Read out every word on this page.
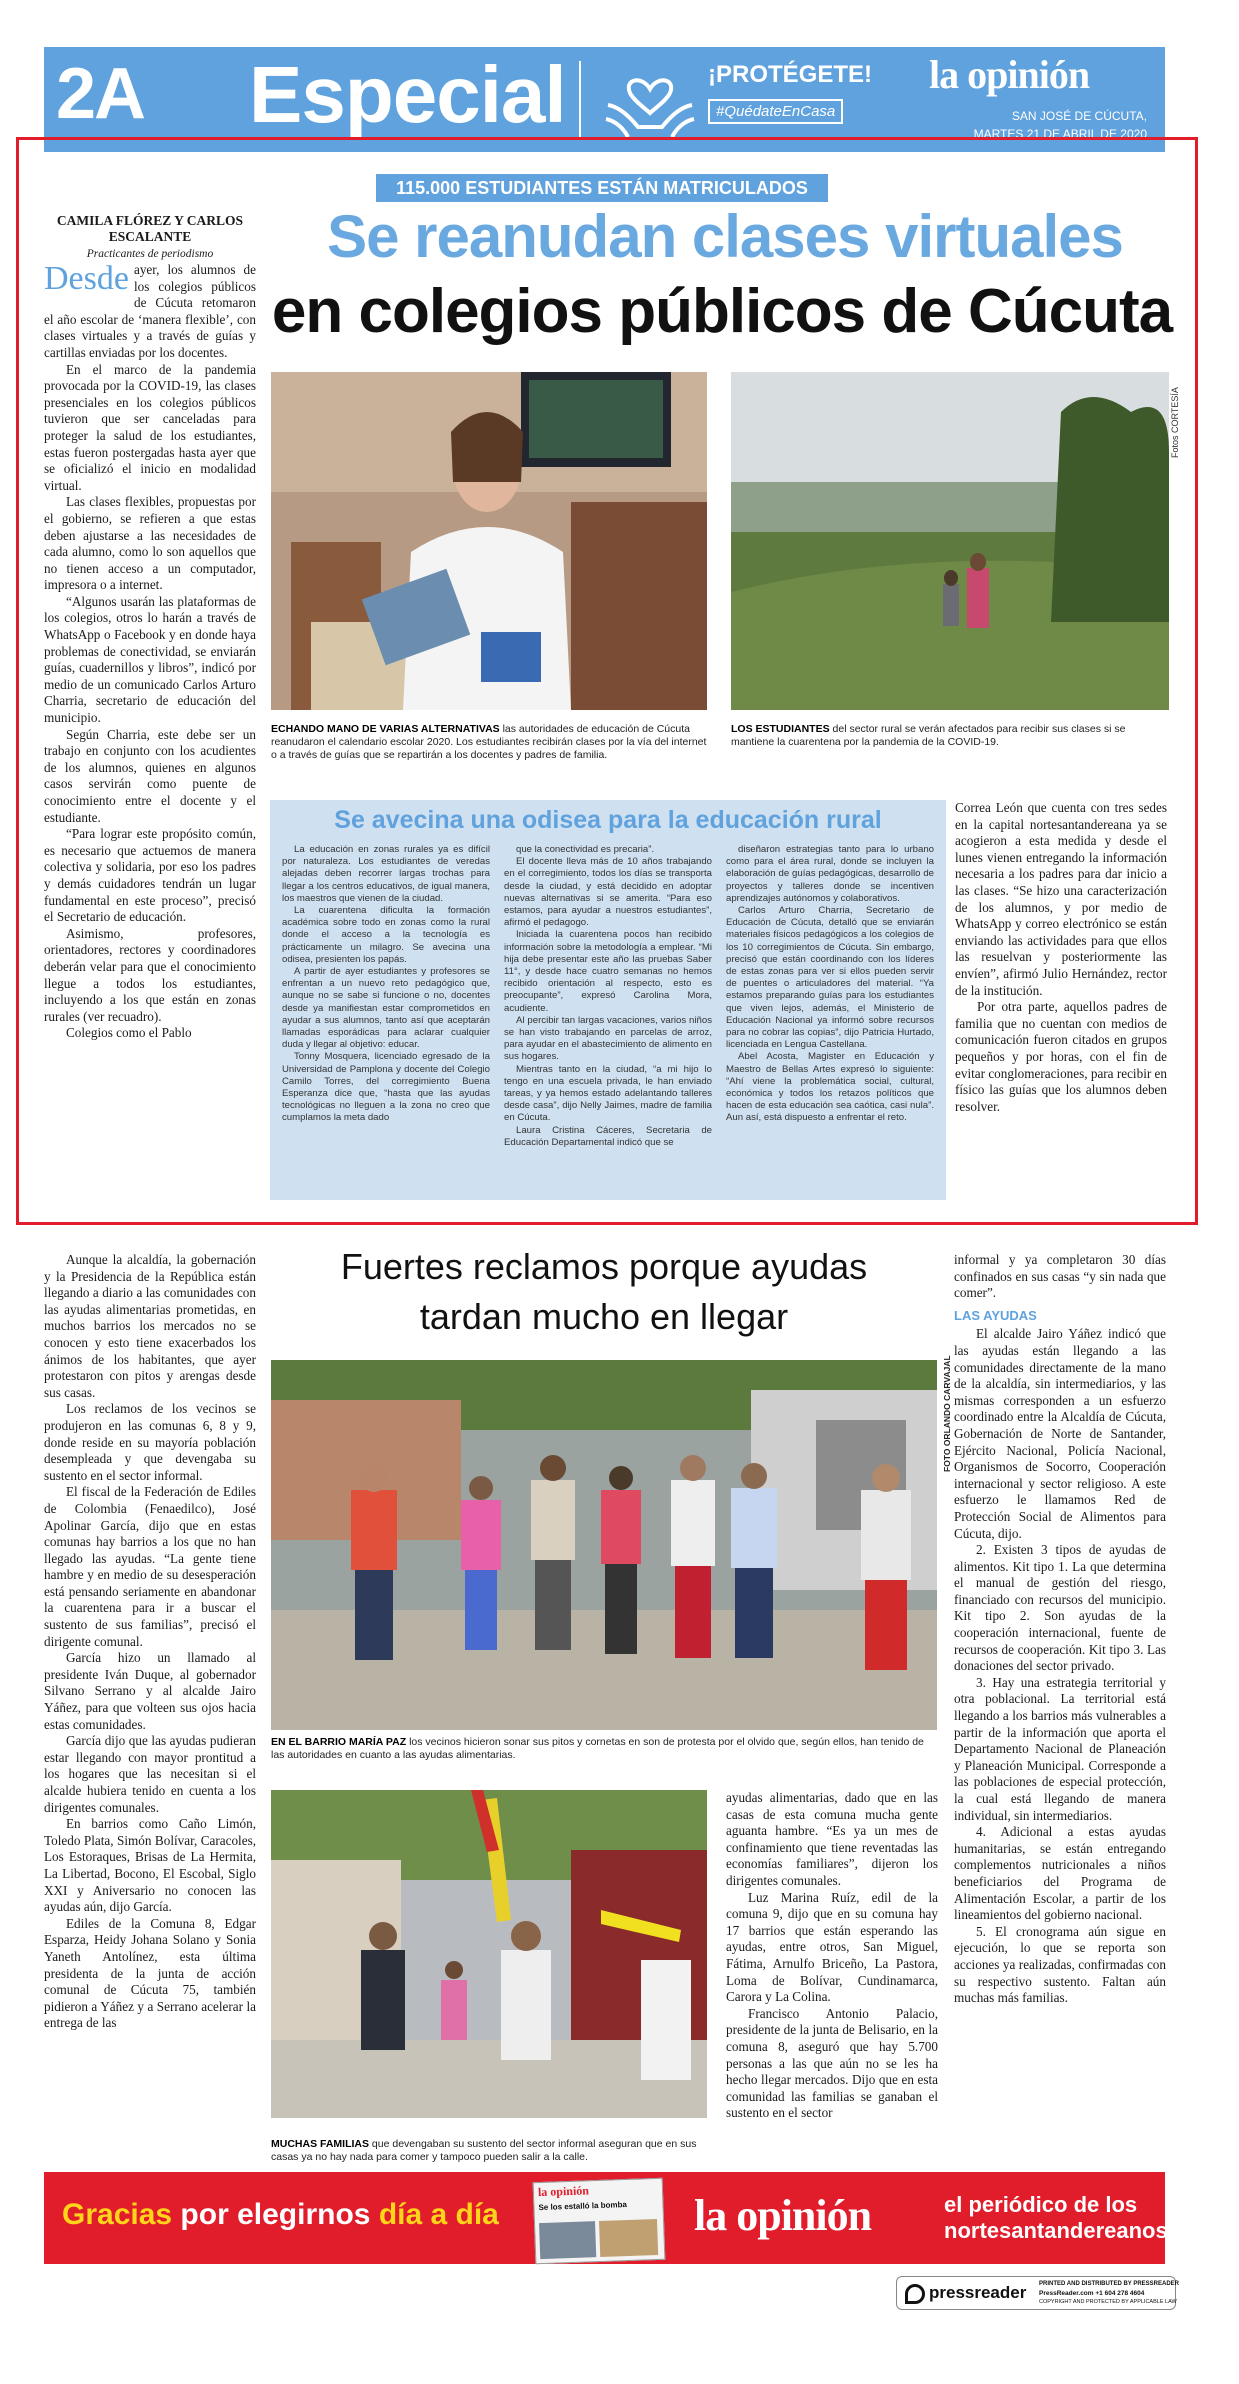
2A Especial	¡PROTÉGETE!
#QuédateEnCasa
la opinión
SAN JOSÉ DE CÚCUTA,
MARTES 21 DE ABRIL DE 2020
115.000 ESTUDIANTES ESTÁN MATRICULADOS
Se reanudan clases virtuales
en colegios públicos de Cúcuta
CAMILA FLÓREZ Y CARLOS ESCALANTE
Practicantes de periodismo

Desde ayer, los alumnos de los colegios públicos de Cúcuta retomaron el año escolar de ‘manera flexible’, con clases virtuales y a través de guías y cartillas enviadas por los docentes.

En el marco de la pandemia provocada por la COVID-19, las clases presenciales en los colegios públicos tuvieron que ser canceladas para proteger la salud de los estudiantes, estas fueron postergadas hasta ayer que se oficializó el inicio en modalidad virtual.

Las clases flexibles, propuestas por el gobierno, se refieren a que estas deben ajustarse a las necesidades de cada alumno, como lo son aquellos que no tienen acceso a un computador, impresora o a internet.

“Algunos usarán las plataformas de los colegios, otros lo harán a través de WhatsApp o Facebook y en donde haya problemas de conectividad, se enviarán guías, cuadernillos y libros”, indicó por medio de un comunicado Carlos Arturo Charria, secretario de educación del municipio.

Según Charria, este debe ser un trabajo en conjunto con los acudientes de los alumnos, quienes en algunos casos servirán como puente de conocimiento entre el docente y el estudiante.

“Para lograr este propósito común, es necesario que actuemos de manera colectiva y solidaria, por eso los padres y demás cuidadores tendrán un lugar fundamental en este proceso”, precisó el Secretario de educación.

Asimismo, profesores, orientadores, rectores y coordinadores deberán velar para que el conocimiento llegue a todos los estudiantes, incluyendo a los que están en zonas rurales (ver recuadro).

Colegios como el Pablo

Fotos CORTESÍA
ECHANDO MANO DE VARIAS ALTERNATIVAS las autoridades de educación de Cúcuta reanudaron el calendario escolar 2020. Los estudiantes recibirán clases por la vía del internet o a través de guías que se repartirán a los docentes y padres de familia.
LOS ESTUDIANTES del sector rural se verán afectados para recibir sus clases si se mantiene la cuarentena por la pandemia de la COVID-19.
Se avecina una odisea para la educación rural

La educación en zonas rurales ya es difícil por naturaleza. Los estudiantes de veredas alejadas deben recorrer largas trochas para llegar a los centros educativos, de igual manera, los maestros que vienen de la ciudad.

La cuarentena dificulta la formación académica sobre todo en zonas como la rural donde el acceso a la tecnología es prácticamente un milagro. Se avecina una odisea, presienten los papás.

A partir de ayer estudiantes y profesores se enfrentan a un nuevo reto pedagógico que, aunque no se sabe si funcione o no, docentes desde ya manifiestan estar comprometidos en ayudar a sus alumnos, tanto así que aceptarán llamadas esporádicas para aclarar cualquier duda y llegar al objetivo: educar.

Tonny Mosquera, licenciado egresado de la Universidad de Pamplona y docente del Colegio Camilo Torres, del corregimiento Buena Esperanza dice que, “hasta que las ayudas tecnológicas no lleguen a la zona no creo que cumplamos la meta dado

que la conectividad es precaria”.

El docente lleva más de 10 años trabajando en el corregimiento, todos los días se transporta desde la ciudad, y está decidido en adoptar nuevas alternativas si se amerita. “Para eso estamos, para ayudar a nuestros estudiantes”, afirmó el pedagogo.

Iniciada la cuarentena pocos han recibido información sobre la metodología a emplear. “Mi hija debe presentar este año las pruebas Saber 11°, y desde hace cuatro semanas no hemos recibido orientación al respecto, esto es preocupante”, expresó Carolina Mora, acudiente.

Al percibir tan largas vacaciones, varios niños se han visto trabajando en parcelas de arroz, para ayudar en el abastecimiento de alimento en sus hogares.

Mientras tanto en la ciudad, “a mi hijo lo tengo en una escuela privada, le han enviado tareas, y ya hemos estado adelantando talleres desde casa”, dijo Nelly Jaimes, madre de familia en Cúcuta.

Laura Cristina Cáceres, Secretaria de Educación Departamental indicó que se

diseñaron estrategias tanto para lo urbano como para el área rural, donde se incluyen la elaboración de guías pedagógicas, desarrollo de proyectos y talleres donde se incentiven aprendizajes autónomos y colaborativos.

Carlos Arturo Charria, Secretario de Educación de Cúcuta, detalló que se enviarán materiales físicos pedagógicos a los colegios de los 10 corregimientos de Cúcuta. Sin embargo, precisó que están coordinando con los líderes de estas zonas para ver si ellos pueden servir de puentes o articuladores del material. “Ya estamos preparando guías para los estudiantes que viven lejos, además, el Ministerio de Educación Nacional ya informó sobre recursos para no cobrar las copias”, dijo Patricia Hurtado, licenciada en Lengua Castellana.

Abel Acosta, Magister en Educación y Maestro de Bellas Artes expresó lo siguiente: “Ahí viene la problemática social, cultural, económica y todos los retazos políticos que hacen de esta educación sea caótica, casi nula”. Aun así, está dispuesto a enfrentar el reto.

Correa León que cuenta con tres sedes en la capital nortesantandereana ya se acogieron a esta medida y desde el lunes vienen entregando la información necesaria a los padres para dar inicio a las clases. “Se hizo una caracterización de los alumnos, y por medio de WhatsApp y correo electrónico se están enviando las actividades para que ellos las resuelvan y posteriormente las envíen”, afirmó Julio Hernández, rector de la institución.

Por otra parte, aquellos padres de familia que no cuentan con medios de comunicación fueron citados en grupos pequeños y por horas, con el fin de evitar conglomeraciones, para recibir en físico las guías que los alumnos deben resolver.

Fuertes reclamos porque ayudas
tardan mucho en llegar

Aunque la alcaldía, la gobernación y la Presidencia de la República están llegando a diario a las comunidades con las ayudas alimentarias prometidas, en muchos barrios los mercados no se conocen y esto tiene exacerbados los ánimos de los habitantes, que ayer protestaron con pitos y arengas desde sus casas.

Los reclamos de los vecinos se produjeron en las comunas 6, 8 y 9, donde reside en su mayoría población desempleada y que devengaba su sustento en el sector informal.

El fiscal de la Federación de Ediles de Colombia (Fenaedilco), José Apolinar García, dijo que en estas comunas hay barrios a los que no han llegado las ayudas. “La gente tiene hambre y en medio de su desesperación está pensando seriamente en abandonar la cuarentena para ir a buscar el sustento de sus familias”, precisó el dirigente comunal.

García hizo un llamado al presidente Iván Duque, al gobernador Silvano Serrano y al alcalde Jairo Yáñez, para que volteen sus ojos hacia estas comunidades.

García dijo que las ayudas pudieran estar llegando con mayor prontitud a los hogares que las necesitan si el alcalde hubiera tenido en cuenta a los dirigentes comunales.

En barrios como Caño Limón, Toledo Plata, Simón Bolívar, Caracoles, Los Estoraques, Brisas de La Hermita, La Libertad, Bocono, El Escobal, Siglo XXI y Aniversario no conocen las ayudas aún, dijo García.

Ediles de la Comuna 8, Edgar Esparza, Heidy Johana Solano y Sonia Yaneth Antolínez, esta última presidenta de la junta de acción comunal de Cúcuta 75, también pidieron a Yáñez y a Serrano acelerar la entrega de las

FOTO ORLANDO CARVAJAL
EN EL BARRIO MARÍA PAZ los vecinos hicieron sonar sus pitos y cornetas en son de protesta por el olvido que, según ellos, han tenido de las autoridades en cuanto a las ayudas alimentarias.
MUCHAS FAMILIAS que devengaban su sustento del sector informal aseguran que en sus casas ya no hay nada para comer y tampoco pueden salir a la calle.

ayudas alimentarias, dado que en las casas de esta comuna mucha gente aguanta hambre. “Es ya un mes de confinamiento que tiene reventadas las economías familiares”, dijeron los dirigentes comunales.

Luz Marina Ruíz, edil de la comuna 9, dijo que en su comuna hay 17 barrios que están esperando las ayudas, entre otros, San Miguel, Fátima, Arnulfo Briceño, La Pastora, Loma de Bolívar, Cundinamarca, Carora y La Colina.

Francisco Antonio Palacio, presidente de la junta de Belisario, en la comuna 8, aseguró que hay 5.700 personas a las que aún no se les ha hecho llegar mercados. Dijo que en esta comunidad las familias se ganaban el sustento en el sector

informal y ya completaron 30 días confinados en sus casas “y sin nada que comer”.

LAS AYUDAS

El alcalde Jairo Yáñez indicó que las ayudas están llegando a las comunidades directamente de la mano de la alcaldía, sin intermediarios, y las mismas corresponden a un esfuerzo coordinado entre la Alcaldía de Cúcuta, Gobernación de Norte de Santander, Ejército Nacional, Policía Nacional, Organismos de Socorro, Cooperación internacional y sector religioso. A este esfuerzo le llamamos Red de Protección Social de Alimentos para Cúcuta, dijo.

2. Existen 3 tipos de ayudas de alimentos. Kit tipo 1. La que determina el manual de gestión del riesgo, financiado con recursos del municipio. Kit tipo 2. Son ayudas de la cooperación internacional, fuente de recursos de cooperación. Kit tipo 3. Las donaciones del sector privado.

3. Hay una estrategia territorial y otra poblacional. La territorial está llegando a los barrios más vulnerables a partir de la información que aporta el Departamento Nacional de Planeación y Planeación Municipal. Corresponde a las poblaciones de especial protección, la cual está llegando de manera individual, sin intermediarios.

4. Adicional a estas ayudas humanitarias, se están entregando complementos nutricionales a niños beneficiarios del Programa de Alimentación Escolar, a partir de los lineamientos del gobierno nacional.

5. El cronograma aún sigue en ejecución, lo que se reporta son acciones ya realizadas, confirmadas con su respectivo sustento. Faltan aún muchas más familias.

Gracias por elegirnos día a día
la opinión
Se los estalló la bomba	la opinión	el periódico de los
nortesantandereanos
pressreader PRINTED AND DISTRIBUTED BY PRESSREADER
PressReader.com +1 604 278 4604
COPYRIGHT AND PROTECTED BY APPLICABLE LAW
